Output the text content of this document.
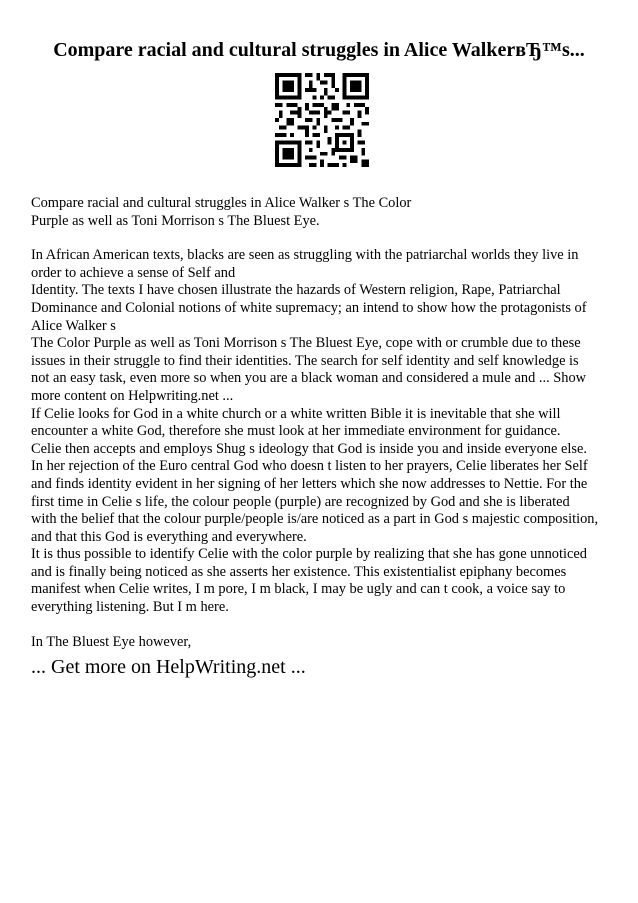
Compare racial and cultural struggles in Alice WalkerвЂ™s...

Compare racial and cultural struggles in Alice Walker s The Color

Purple as well as Toni Morrison s The Bluest Eye.

In African American texts, blacks are seen as struggling with the patriarchal worlds they live in

order to achieve a sense of Self and

Identity. The texts I have chosen illustrate the hazards of Western religion, Rape, Patriarchal

Dominance and Colonial notions of white supremacy; an intend to show how the protagonists of

Alice Walker s

The Color Purple as well as Toni Morrison s The Bluest Eye, cope with or crumble due to these

issues in their struggle to find their identities. The search for self identity and self knowledge is

not an easy task, even more so when you are a black woman and considered a mule and ... Show

more content on Helpwriting.net ...

If Celie looks for God in a white church or a white written Bible it is inevitable that she will

encounter a white God, therefore she must look at her immediate environment for guidance.

Celie then accepts and employs Shug s ideology that God is inside you and inside everyone else.

In her rejection of the Euro central God who doesn t listen to her prayers, Celie liberates her Self

and finds identity evident in her signing of her letters which she now addresses to Nettie. For the

first time in Celie s life, the colour people (purple) are recognized by God and she is liberated

with the belief that the colour purple/people is/are noticed as a part in God s majestic composition,

and that this God is everything and everywhere.

It is thus possible to identify Celie with the color purple by realizing that she has gone unnoticed

and is finally being noticed as she asserts her existence. This existentialist epiphany becomes

manifest when Celie writes, I m pore, I m black, I may be ugly and can t cook, a voice say to

everything listening. But I m here.

In The Bluest Eye however,

... Get more on HelpWriting.net ...
